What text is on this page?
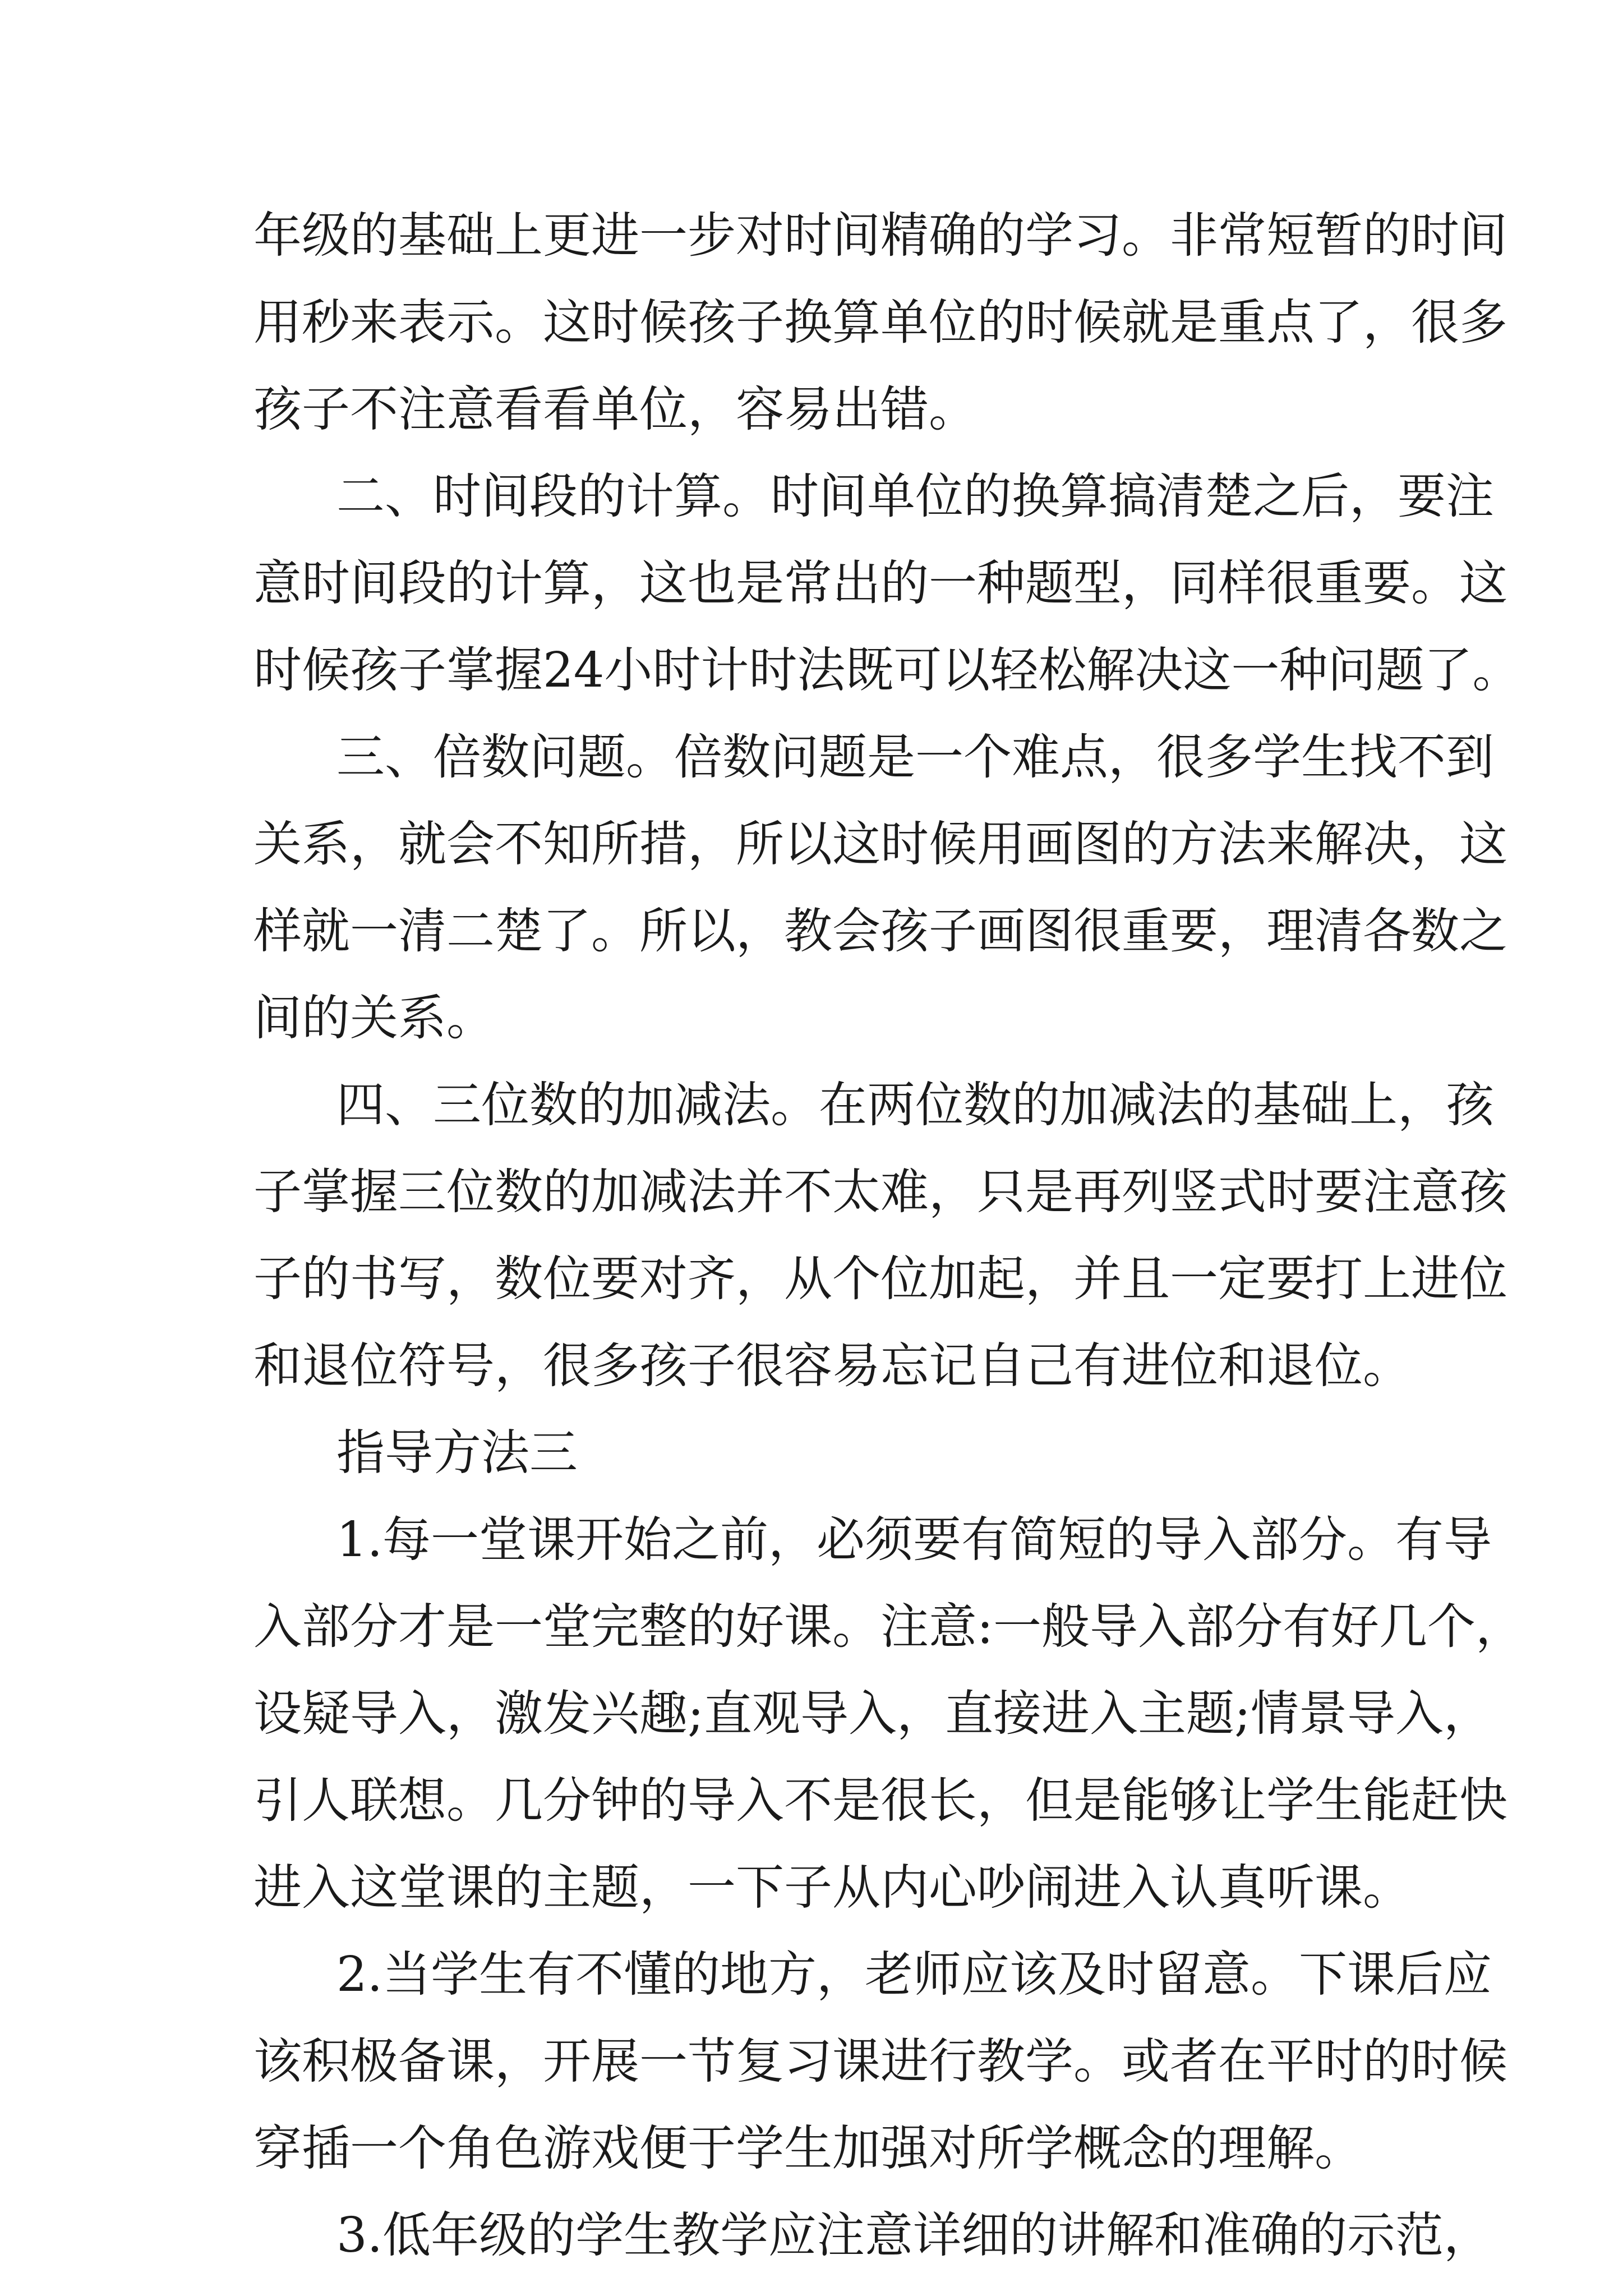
年级的基础上更进一步对时间精确的学习。非常短暂的时间
用秒来表示。这时候孩子换算单位的时候就是重点了，很多
孩子不注意看看单位，容易出错。
二、时间段的计算。时间单位的换算搞清楚之后，要注
意时间段的计算，这也是常出的一种题型，同样很重要。这
时候孩子掌握24小时计时法既可以轻松解决这一种问题了。
三、倍数问题。倍数问题是一个难点，很多学生找不到
关系，就会不知所措，所以这时候用画图的方法来解决，这
样就一清二楚了。所以，教会孩子画图很重要，理清各数之
间的关系。
四、三位数的加减法。在两位数的加减法的基础上，孩
子掌握三位数的加减法并不太难，只是再列竖式时要注意孩
子的书写，数位要对齐，从个位加起，并且一定要打上进位
和退位符号，很多孩子很容易忘记自己有进位和退位。
指导方法三
1.每一堂课开始之前，必须要有简短的导入部分。有导
入部分才是一堂完整的好课。注意:一般导入部分有好几个，
设疑导入，激发兴趣;直观导入，直接进入主题;情景导入，
引人联想。几分钟的导入不是很长，但是能够让学生能赶快
进入这堂课的主题，一下子从内心吵闹进入认真听课。
2.当学生有不懂的地方，老师应该及时留意。下课后应
该积极备课，开展一节复习课进行教学。或者在平时的时候
穿插一个角色游戏便于学生加强对所学概念的理解。
3.低年级的学生教学应注意详细的讲解和准确的示范，
